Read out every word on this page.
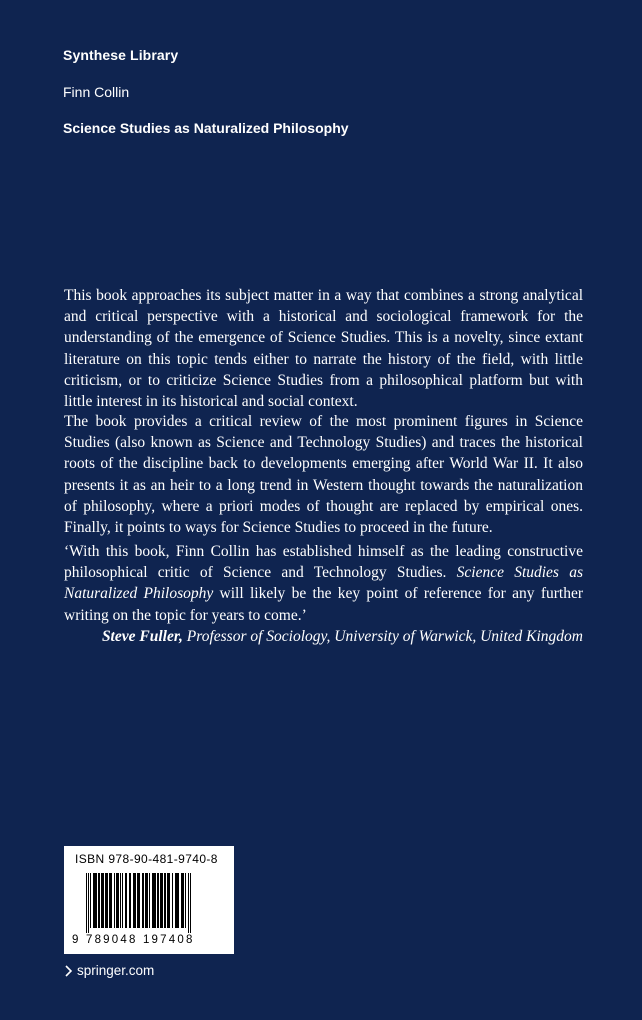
Synthese Library
Finn Collin
Science Studies as Naturalized Philosophy

This book approaches its subject matter in a way that combines a strong analytical and critical perspective with a historical and sociological framework for the understanding of the emergence of Science Studies. This is a novelty, since extant literature on this topic tends either to narrate the history of the field, with little criticism, or to criticize Science Studies from a philosophical platform but with little interest in its historical and social context.

The book provides a critical review of the most prominent figures in Science Studies (also known as Science and Technology Studies) and traces the historical roots of the discipline back to developments emerging after World War II. It also presents it as an heir to a long trend in Western thought towards the naturalization of philosophy, where a priori modes of thought are replaced by empirical ones. Finally, it points to ways for Science Studies to proceed in the future.

‘With this book, Finn Collin has established himself as the leading constructive philosophical critic of Science and Technology Studies. Science Studies as Naturalized Philosophy will likely be the key point of reference for any further writing on the topic for years to come.’
Steve Fuller, Professor of Sociology, University of Warwick, United Kingdom

ISBN 978-90-481-9740-8
9 789048 197408
springer.com
